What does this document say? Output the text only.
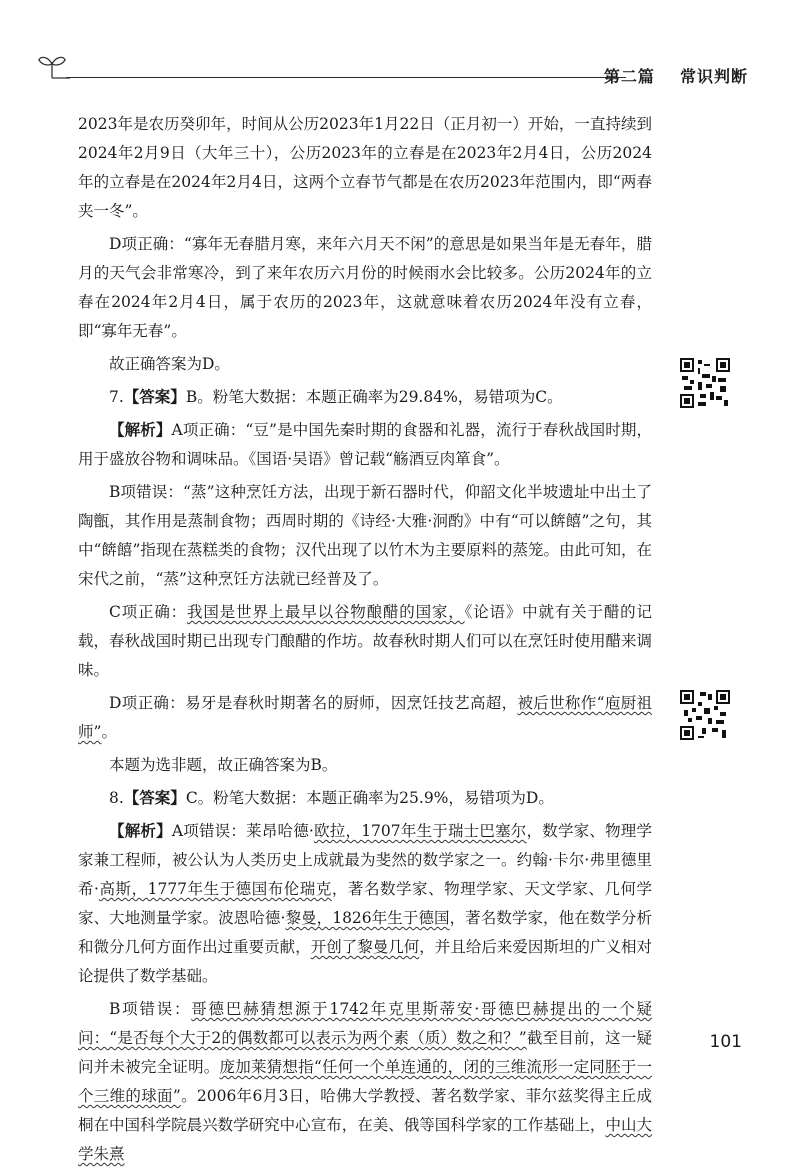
第二篇 常识判断

2023年是农历癸卯年，时间从公历2023年1月22日（正月初一）开始，一直持续到2024年2月9日（大年三十），公历2023年的立春是在2023年2月4日，公历2024年的立春是在2024年2月4日，这两个立春节气都是在农历2023年范围内，即“两春夹一冬”。

D项正确：“寡年无春腊月寒，来年六月天不闲”的意思是如果当年是无春年，腊月的天气会非常寒冷，到了来年农历六月份的时候雨水会比较多。公历2024年的立春在2024年2月4日，属于农历的2023年，这就意味着农历2024年没有立春，即“寡年无春”。

故正确答案为D。

7.【答案】B。粉笔大数据：本题正确率为29.84%，易错项为C。

【解析】A项正确：“豆”是中国先秦时期的食器和礼器，流行于春秋战国时期，用于盛放谷物和调味品。《国语·吴语》曾记载“觞酒豆肉箪食”。

B项错误：“蒸”这种烹饪方法，出现于新石器时代，仰韶文化半坡遗址中出土了陶甑，其作用是蒸制食物；西周时期的《诗经·大雅·泂酌》中有“可以餴饎”之句，其中“餴饎”指现在蒸糕类的食物；汉代出现了以竹木为主要原料的蒸笼。由此可知，在宋代之前，“蒸”这种烹饪方法就已经普及了。

C项正确：我国是世界上最早以谷物酿醋的国家，《论语》中就有关于醋的记载，春秋战国时期已出现专门酿醋的作坊。故春秋时期人们可以在烹饪时使用醋来调味。

D项正确：易牙是春秋时期著名的厨师，因烹饪技艺高超，被后世称作“庖厨祖师”。

本题为选非题，故正确答案为B。

8.【答案】C。粉笔大数据：本题正确率为25.9%，易错项为D。

【解析】A项错误：莱昂哈德·欧拉，1707年生于瑞士巴塞尔，数学家、物理学家兼工程师，被公认为人类历史上成就最为斐然的数学家之一。约翰·卡尔·弗里德里希·高斯，1777年生于德国布伦瑞克，著名数学家、物理学家、天文学家、几何学家、大地测量学家。波恩哈德·黎曼，1826年生于德国，著名数学家，他在数学分析和微分几何方面作出过重要贡献，开创了黎曼几何，并且给后来爱因斯坦的广义相对论提供了数学基础。

B项错误：哥德巴赫猜想源于1742年克里斯蒂安·哥德巴赫提出的一个疑问：“是否每个大于2的偶数都可以表示为两个素（质）数之和？”截至目前，这一疑问并未被完全证明。庞加莱猜想指“任何一个单连通的，闭的三维流形一定同胚于一个三维的球面”。2006年6月3日，哈佛大学教授、著名数学家、菲尔兹奖得主丘成桐在中国科学院晨兴数学研究中心宣布，在美、俄等国科学家的工作基础上，中山大学朱熹

101
